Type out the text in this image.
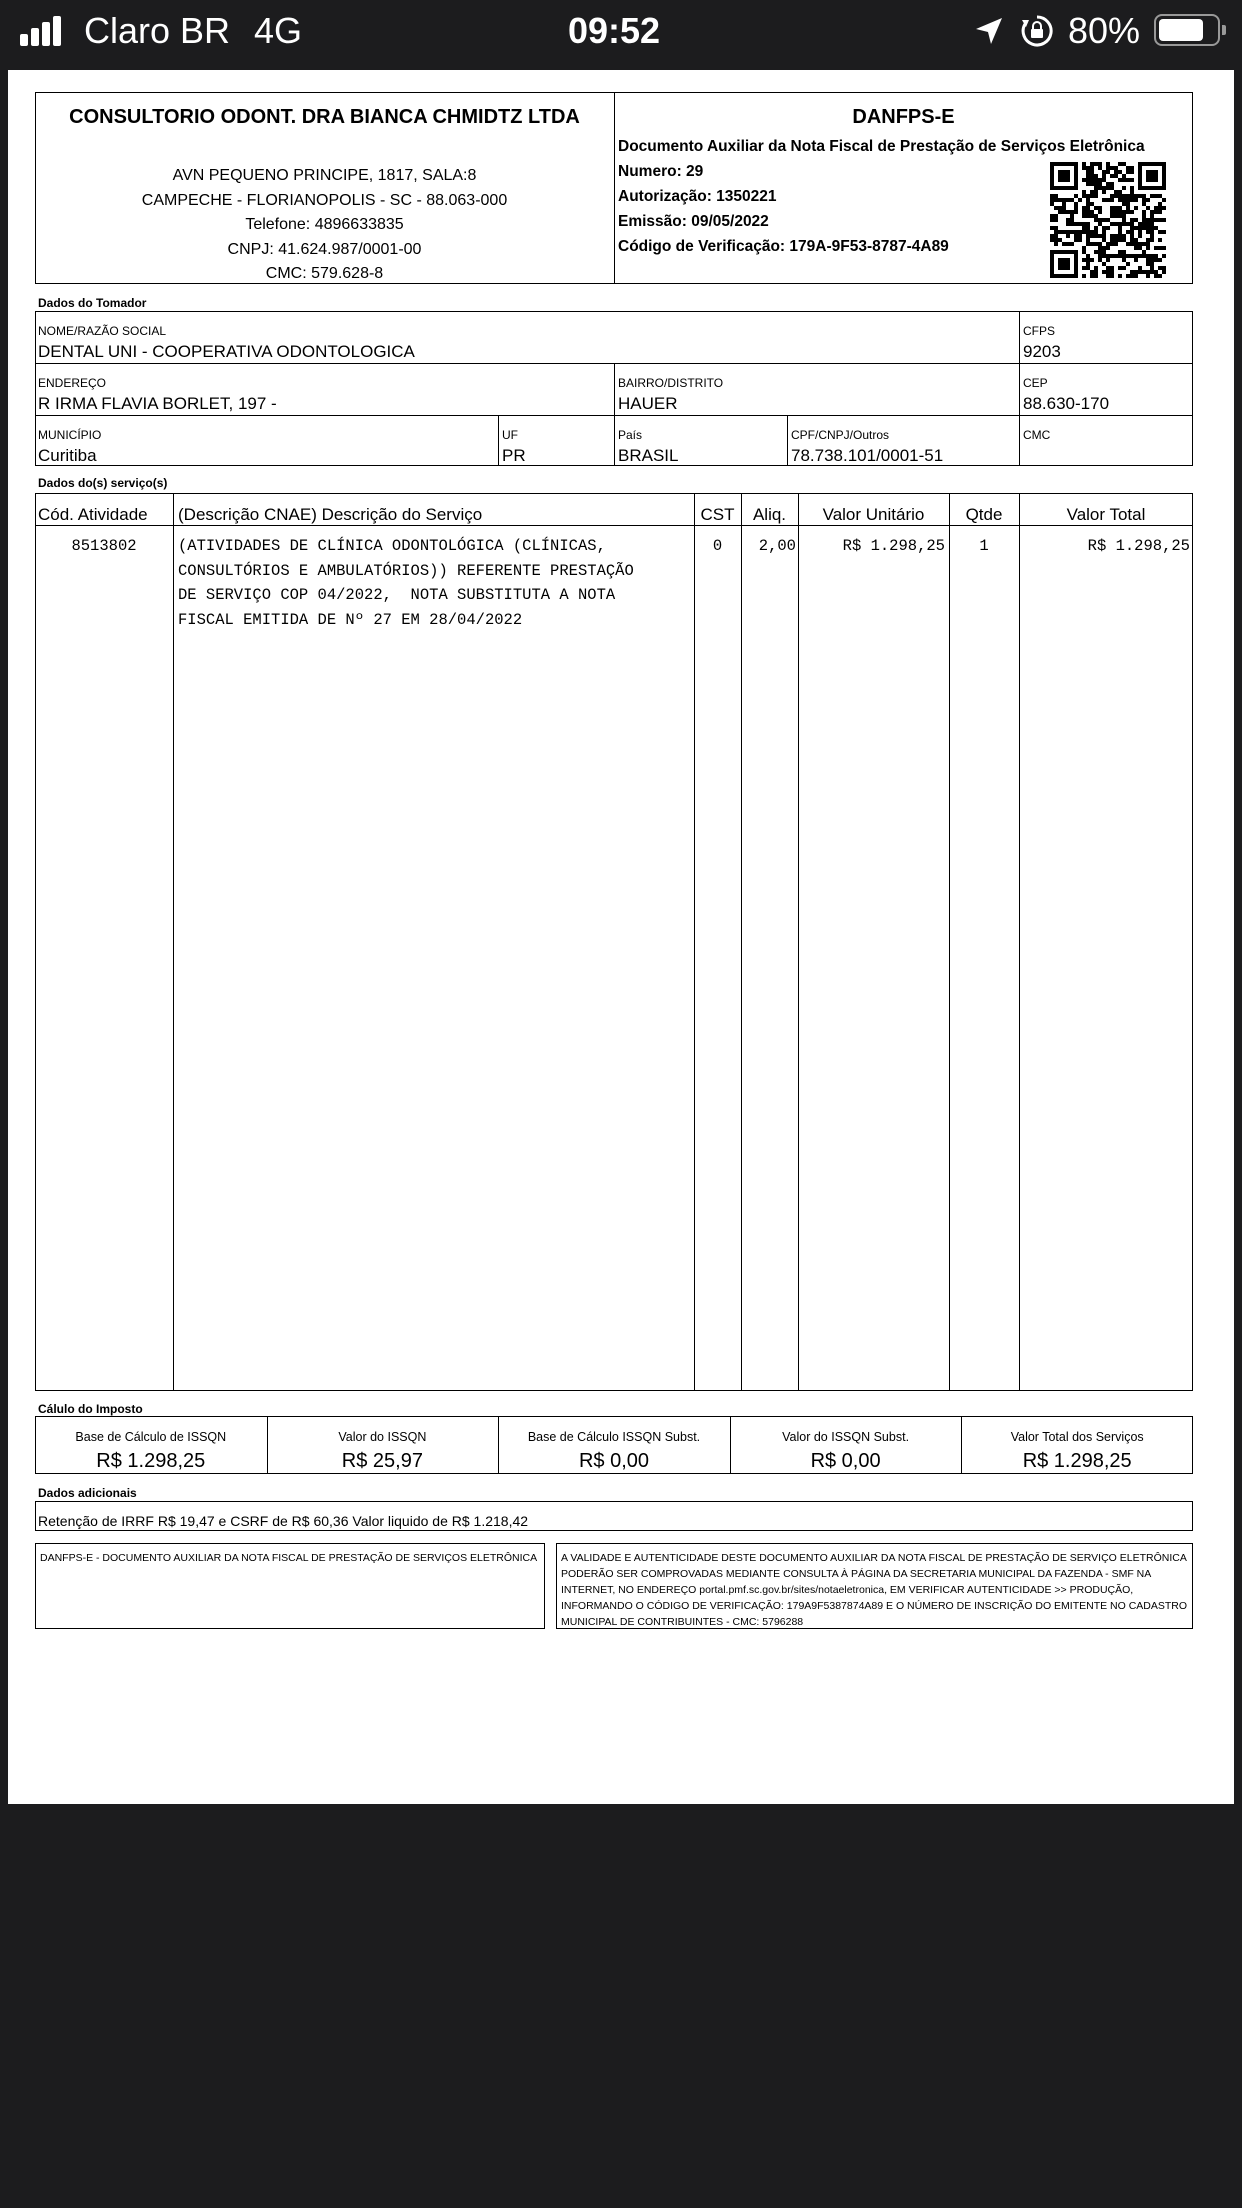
Claro BR 4G	09:52	80%
CONSULTORIO ODONT. DRA BIANCA CHMIDTZ LTDA
AVN PEQUENO PRINCIPE, 1817, SALA:8
CAMPECHE - FLORIANOPOLIS - SC - 88.063-000
Telefone: 4896633835
CNPJ: 41.624.987/0001-00
CMC: 579.628-8
DANFPS-E
Documento Auxiliar da Nota Fiscal de Prestação de Serviços Eletrônica
Numero: 29
Autorização: 1350221
Emissão: 09/05/2022
Código de Verificação: 179A-9F53-8787-4A89
Dados do Tomador
NOME/RAZÃO SOCIAL
DENTAL UNI - COOPERATIVA ODONTOLOGICA
CFPS
9203
ENDEREÇO
R IRMA FLAVIA BORLET, 197 -
BAIRRO/DISTRITO
HAUER
CEP
88.630-170
MUNICÍPIO
Curitiba
UF
PR
País
BRASIL
CPF/CNPJ/Outros
78.738.101/0001-51
CMC
Dados do(s) serviço(s)
Cód. Atividade (Descrição CNAE) Descrição do Serviço	CST	Aliq.	Valor Unitário	Qtde	Valor Total
8513802	(ATIVIDADES DE CLÍNICA ODONTOLÓGICA (CLÍNICAS,
CONSULTÓRIOS E AMBULATÓRIOS)) REFERENTE PRESTAÇÃO
DE SERVIÇO COP 04/2022,  NOTA SUBSTITUTA A NOTA
FISCAL EMITIDA DE Nº 27 EM 28/04/2022
0	2,00	R$ 1.298,25	1	R$ 1.298,25
Cálulo do Imposto
Base de Cálculo de ISSQN
R$ 1.298,25
Valor do ISSQN
R$ 25,97
Base de Cálculo ISSQN Subst.
R$ 0,00
Valor do ISSQN Subst.
R$ 0,00
Valor Total dos Serviços
R$ 1.298,25
Dados adicionais
Retenção de IRRF R$ 19,47 e CSRF de R$ 60,36 Valor liquido de R$ 1.218,42
DANFPS-E - DOCUMENTO AUXILIAR DA NOTA FISCAL DE PRESTAÇÃO DE SERVIÇOS ELETRÔNICA	A VALIDADE E AUTENTICIDADE DESTE DOCUMENTO AUXILIAR DA NOTA FISCAL DE PRESTAÇÃO DE SERVIÇO ELETRÔNICA PODERÃO SER COMPROVADAS MEDIANTE CONSULTA À PÁGINA DA SECRETARIA MUNICIPAL DA FAZENDA - SMF NA INTERNET, NO ENDEREÇO portal.pmf.sc.gov.br/sites/notaeletronica, EM VERIFICAR AUTENTICIDADE >> PRODUÇÃO, INFORMANDO O CÓDIGO DE VERIFICAÇÃO: 179A9F5387874A89 E O NÚMERO DE INSCRIÇÃO DO EMITENTE NO CADASTRO MUNICIPAL DE CONTRIBUINTES - CMC: 5796288
